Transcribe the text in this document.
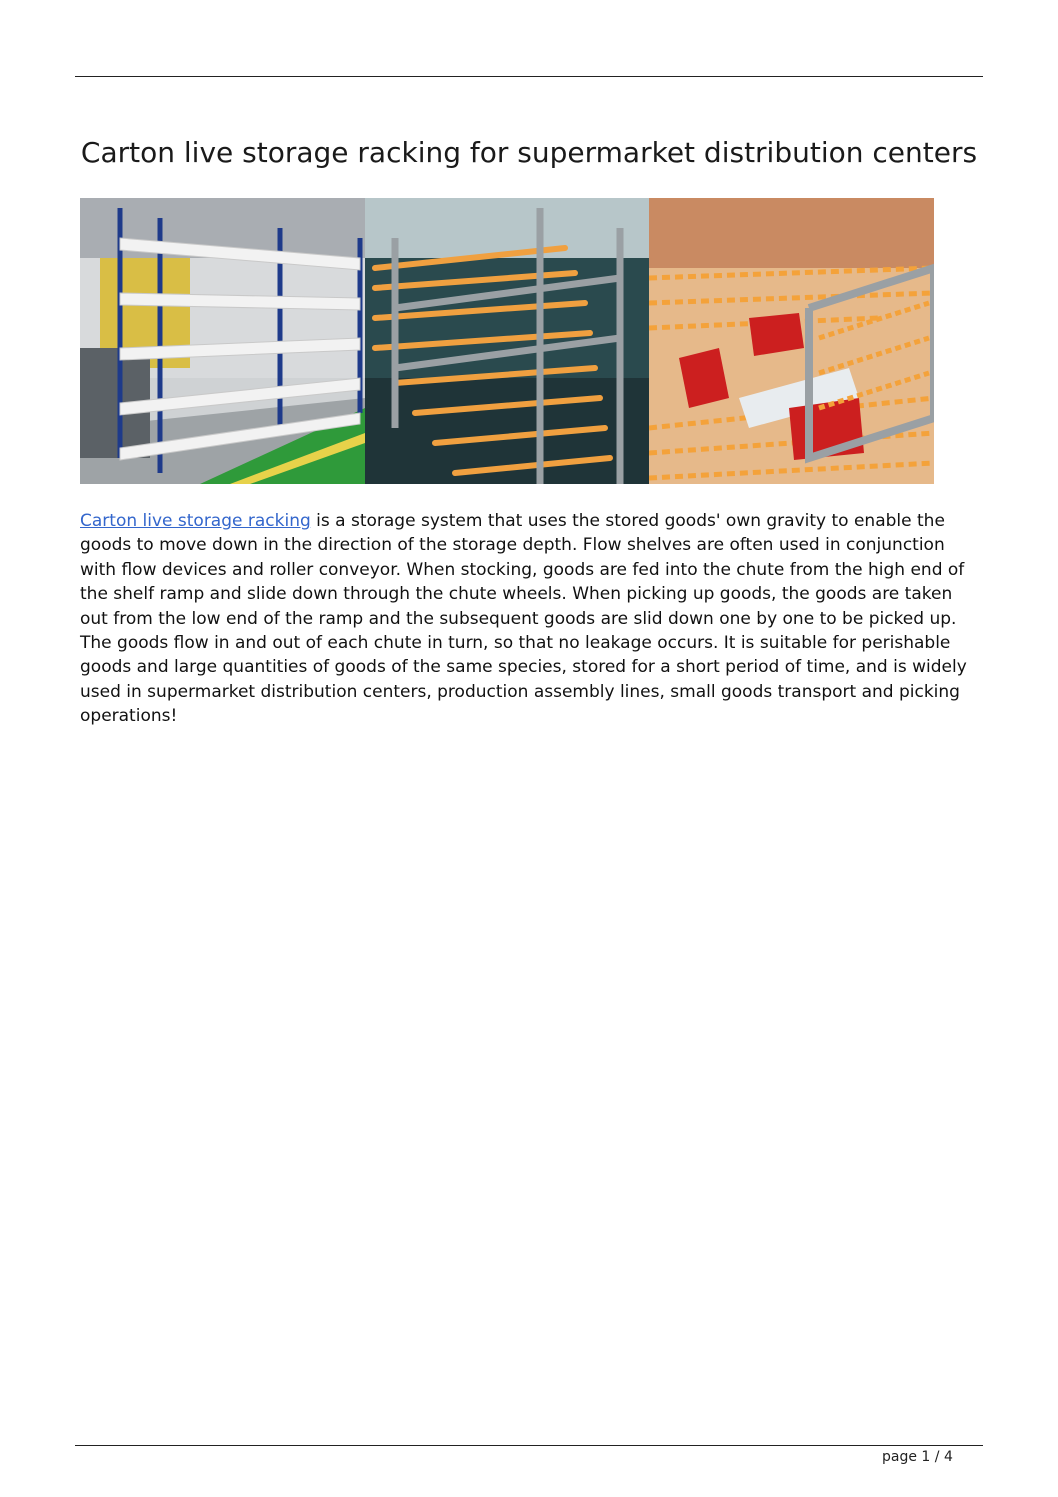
Carton live storage racking for supermarket distribution centers

Carton live storage racking is a storage system that uses the stored goods' own gravity to enable the goods to move down in the direction of the storage depth. Flow shelves are often used in conjunction with flow devices and roller conveyor. When stocking, goods are fed into the chute from the high end of the shelf ramp and slide down through the chute wheels. When picking up goods, the goods are taken out from the low end of the ramp and the subsequent goods are slid down one by one to be picked up. The goods flow in and out of each chute in turn, so that no leakage occurs. It is suitable for perishable goods and large quantities of goods of the same species, stored for a short period of time, and is widely used in supermarket distribution centers, production assembly lines, small goods transport and picking operations!

page 1 / 4
